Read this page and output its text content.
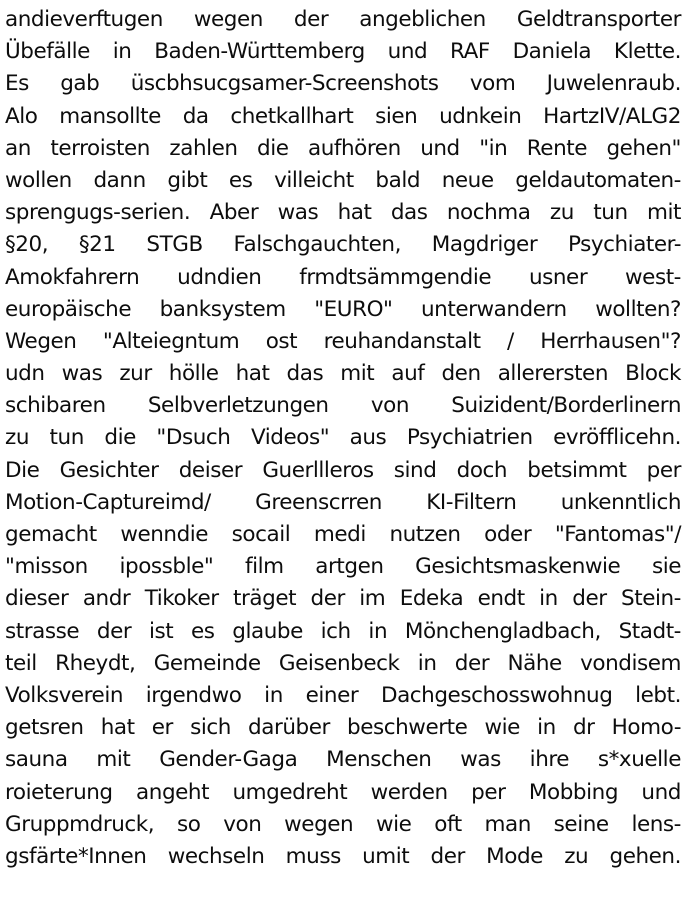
andieverftugen wegen der angeblichen Geldtransporter
Übefälle in Baden-Württemberg und RAF Daniela Klette.
Es gab üscbhsucgsamer-Screenshots vom Juwelenraub.
Alo mansollte da chetkallhart sien udnkein HartzIV/ALG2
an terroisten zahlen die aufhören und "in Rente gehen"
wollen dann gibt es villeicht bald neue geldautomaten-
sprengugs-serien. Aber was hat das nochma zu tun mit
§20, §21 STGB Falschgauchten, Magdriger Psychiater-
Amokfahrern udndien frmdtsämmgendie usner west-
europäische banksystem "EURO" unterwandern wollten?
Wegen "Alteiegntum ost reuhandanstalt / Herrhausen"?
udn was zur hölle hat das mit auf den allerersten Block
schibaren Selbverletzungen von Suizident/Borderlinern
zu tun die "Dsuch Videos" aus Psychiatrien evröfflicehn.
Die Gesichter deiser Guerllleros sind doch betsimmt per
Motion-Captureimd/ Greenscrren KI-Filtern unkenntlich
gemacht wenndie socail medi nutzen oder "Fantomas"/
"misson ipossble" film artgen Gesichtsmaskenwie sie
dieser andr Tikoker träget der im Edeka endt in der Stein-
strasse der ist es glaube ich in Mönchengladbach, Stadt-
teil Rheydt, Gemeinde Geisenbeck in der Nähe vondisem
Volksverein irgendwo in einer Dachgeschosswohnug lebt.
getsren hat er sich darüber beschwerte wie in dr Homo-
sauna mit Gender-Gaga Menschen was ihre s*xuelle
roieterung angeht umgedreht werden per Mobbing und
Gruppmdruck, so von wegen wie oft man seine lens-
gsfärte*Innen wechseln muss umit der Mode zu gehen.
